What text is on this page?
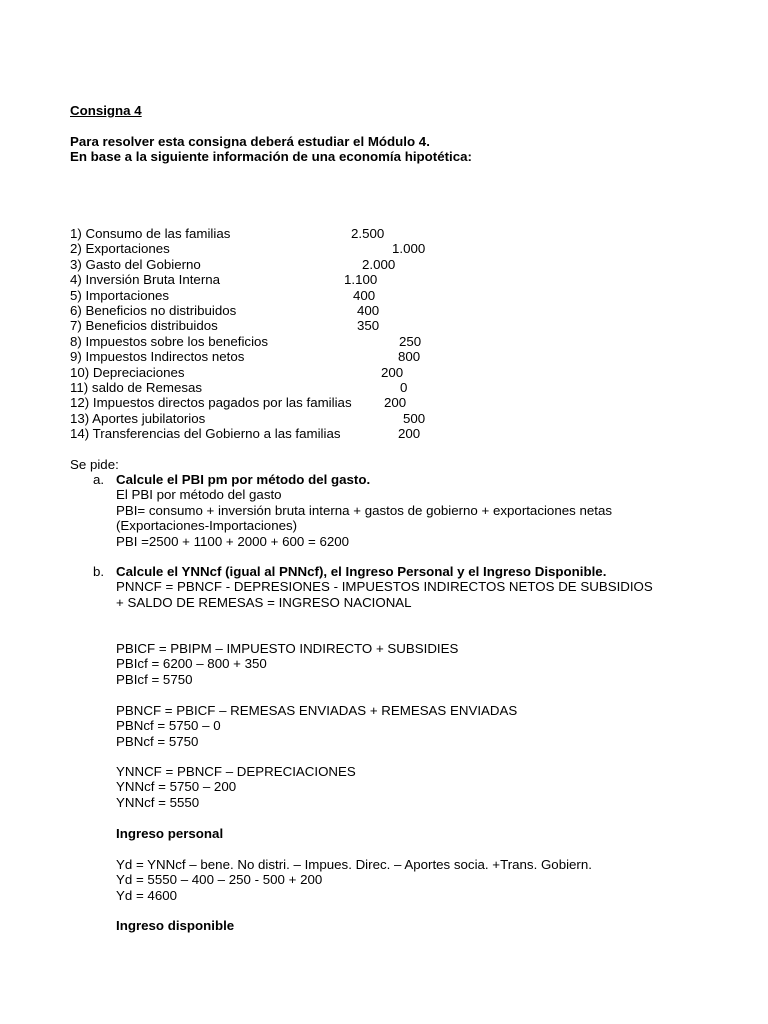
Consigna 4
Para resolver esta consigna deberá estudiar el Módulo 4.
En base a la siguiente información de una economía hipotética:
1) Consumo de las familias	2.500
2) Exportaciones	1.000
3) Gasto del Gobierno	2.000
4) Inversión Bruta Interna	1.100
5) Importaciones	400
6) Beneficios no distribuidos	400
7) Beneficios distribuidos	350
8) Impuestos sobre los beneficios	250
9) Impuestos Indirectos netos	800
10) Depreciaciones	200
11) saldo de Remesas	0
12) Impuestos directos pagados por las familias 200
13) Aportes jubilatorios	500
14) Transferencias del Gobierno a las familias	200
Se pide:
a. Calcule el PBI pm por método del gasto.
El PBI por método del gasto
PBI= consumo + inversión bruta interna + gastos de gobierno + exportaciones netas
(Exportaciones-Importaciones)
PBI =2500 + 1100 + 2000 + 600 = 6200
b. Calcule el YNNcf (igual al PNNcf), el Ingreso Personal y el Ingreso Disponible.
PNNCF = PBNCF - DEPRESIONES - IMPUESTOS INDIRECTOS NETOS DE SUBSIDIOS
+ SALDO DE REMESAS = INGRESO NACIONAL
PBICF = PBIPM – IMPUESTO INDIRECTO + SUBSIDIES
PBIcf = 6200 – 800 + 350
PBIcf = 5750
PBNCF = PBICF – REMESAS ENVIADAS + REMESAS ENVIADAS
PBNcf = 5750 – 0
PBNcf = 5750
YNNCF = PBNCF – DEPRECIACIONES
YNNcf = 5750 – 200
YNNcf = 5550
Ingreso personal
Yd = YNNcf – bene. No distri. – Impues. Direc. – Aportes socia. +Trans. Gobiern.
Yd = 5550 – 400 – 250 - 500 + 200
Yd = 4600
Ingreso disponible
